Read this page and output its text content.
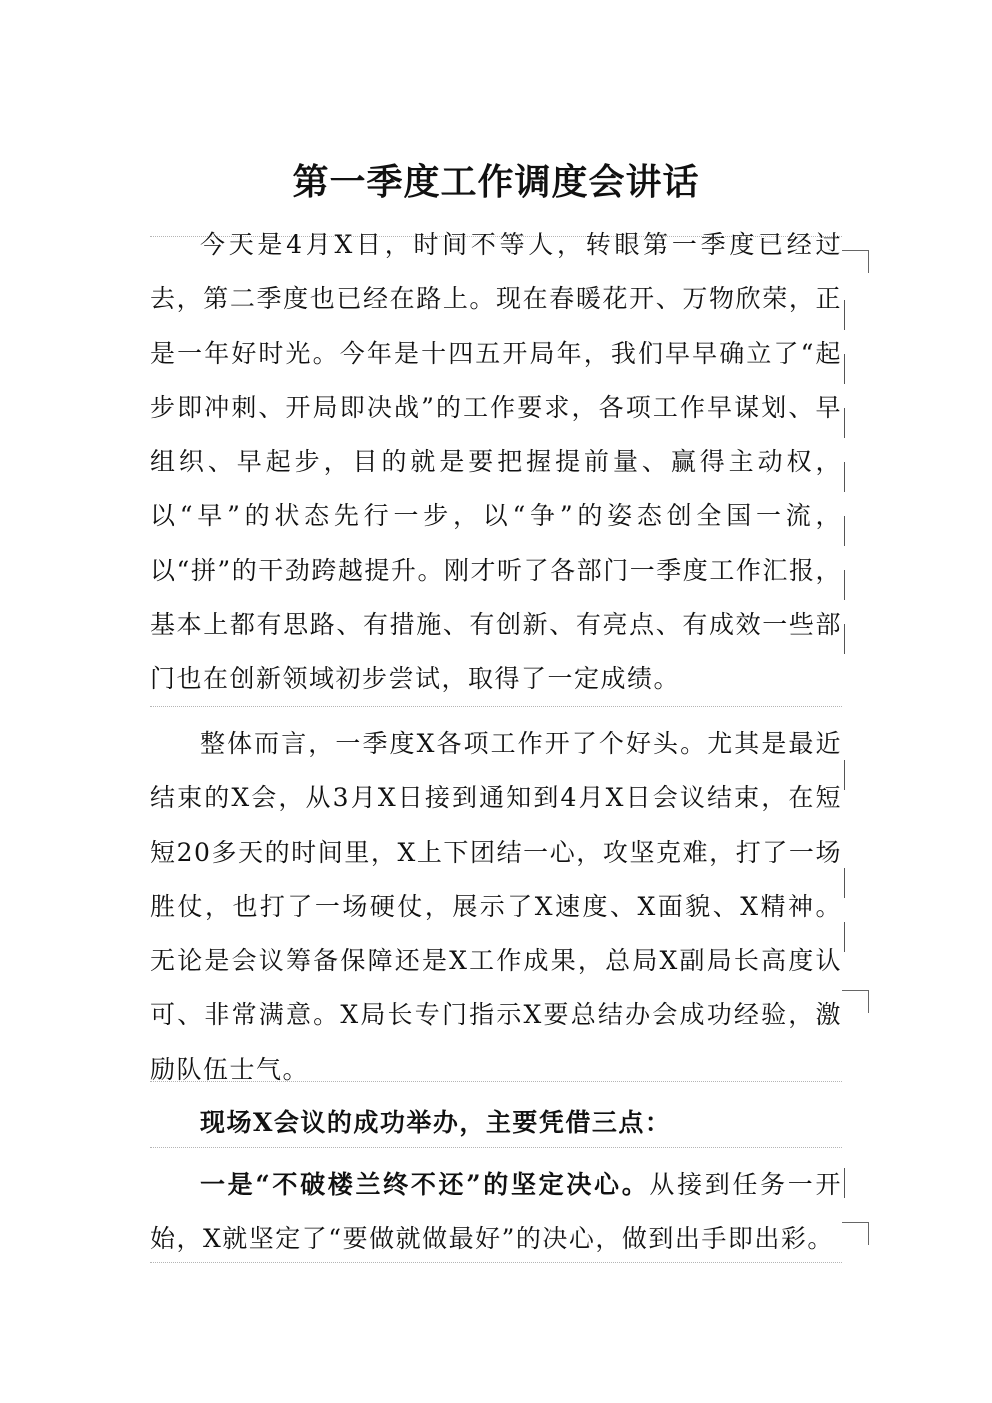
第一季度工作调度会讲话

今天是4月X日，时间不等人，转眼第一季度已经过去，第二季度也已经在路上。现在春暖花开、万物欣荣，正是一年好时光。今年是十四五开局年，我们早早确立了“起步即冲刺、开局即决战”的工作要求，各项工作早谋划、早组织、早起步，目的就是要把握提前量、赢得主动权，以“早”的状态先行一步，以“争”的姿态创全国一流，以“拼”的干劲跨越提升。刚才听了各部门一季度工作汇报，基本上都有思路、有措施、有创新、有亮点、有成效一些部门也在创新领域初步尝试，取得了一定成绩。

整体而言，一季度X各项工作开了个好头。尤其是最近结束的X会，从3月X日接到通知到4月X日会议结束，在短短20多天的时间里，X上下团结一心，攻坚克难，打了一场胜仗，也打了一场硬仗，展示了X速度、X面貌、X精神。无论是会议筹备保障还是X工作成果，总局X副局长高度认可、非常满意。X局长专门指示X要总结办会成功经验，激励队伍士气。

现场X会议的成功举办，主要凭借三点：

一是“不破楼兰终不还”的坚定决心。从接到任务一开始，X就坚定了“要做就做最好”的决心，做到出手即出彩。
